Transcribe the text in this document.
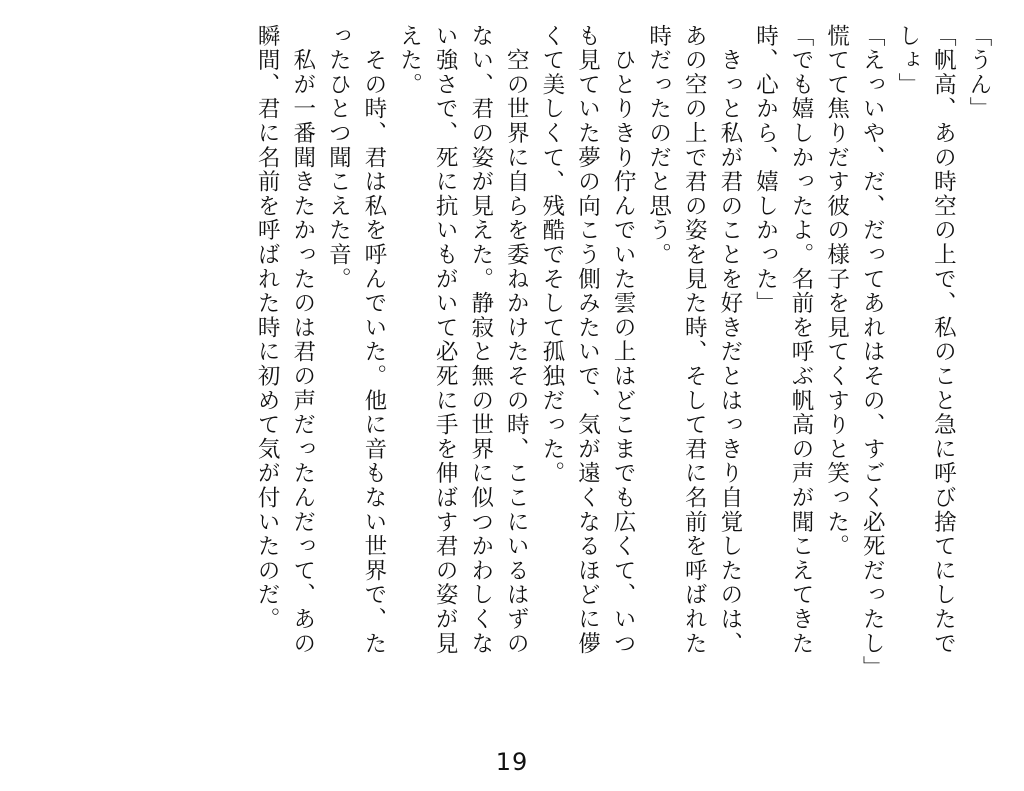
「うん」
「帆高、あの時空の上で、私のこと急に呼び捨てにしたで
しょ」
「えっいや、だ、だってあれはその、すごく必死だったし」
慌てて焦りだす彼の様子を見てくすりと笑った。
「でも嬉しかったよ。名前を呼ぶ帆高の声が聞こえてきた
時、心から、嬉しかった」
　きっと私が君のことを好きだとはっきり自覚したのは、
あの空の上で君の姿を見た時、そして君に名前を呼ばれた
時だったのだと思う。
　ひとりきり佇んでいた雲の上はどこまでも広くて、いつ
も見ていた夢の向こう側みたいで、気が遠くなるほどに儚
くて美しくて、残酷でそして孤独だった。
　空の世界に自らを委ねかけたその時、ここにいるはずの
ない、君の姿が見えた。静寂と無の世界に似つかわしくな
い強さで、死に抗いもがいて必死に手を伸ばす君の姿が見
えた。
　その時、君は私を呼んでいた。他に音もない世界で、た
ったひとつ聞こえた音。
　私が一番聞きたかったのは君の声だったんだって、あの
瞬間、君に名前を呼ばれた時に初めて気が付いたのだ。
19
